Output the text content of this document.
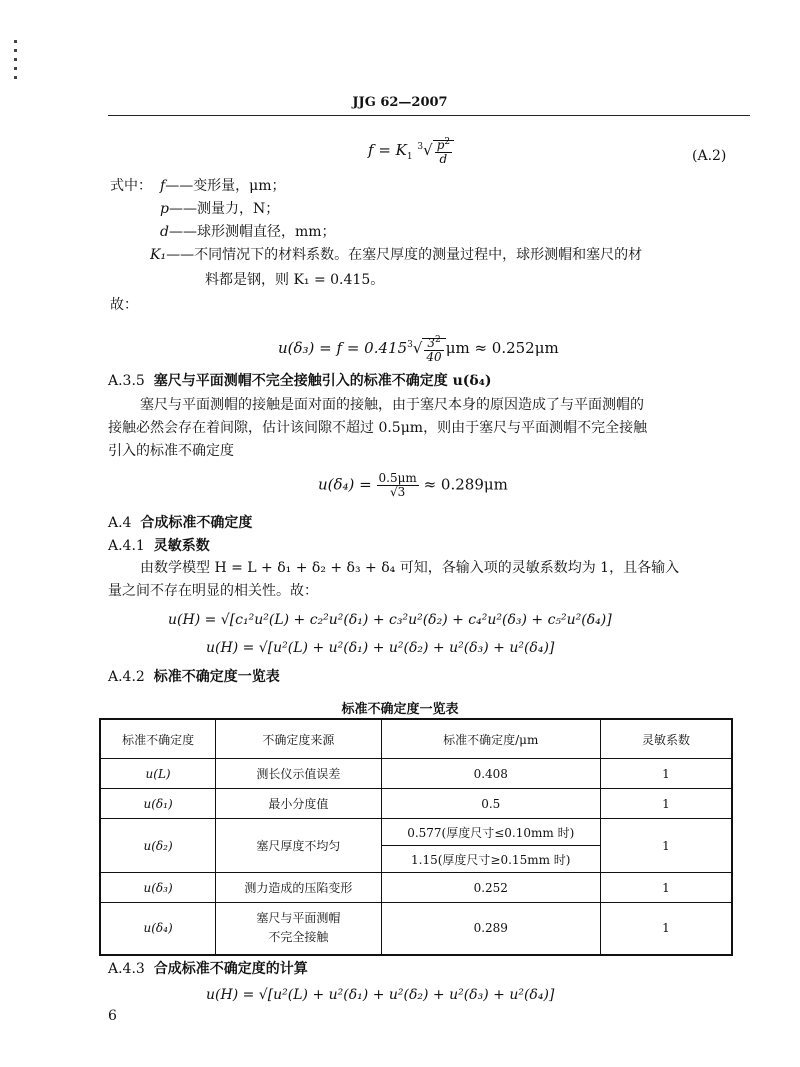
JJG 62—2007
$f = K_1$ $^3√ \frac{p^2}{d}$	(A.2)
式中： f——变形量，μm；
p——测量力，N；
d——球形测帽直径，mm；
K₁——不同情况下的材料系数。在塞尺厚度的测量过程中，球形测帽和塞尺的材
料都是钢，则 K₁ = 0.415。
故：
$u(\delta_3) = f = 0.415^3√ \frac{3^2}{40}$ μm ≈ 0.252μm
A.3.5 塞尺与平面测帽不完全接触引入的标准不确定度 u(δ₄)
塞尺与平面测帽的接触是面对面的接触，由于塞尺本身的原因造成了与平面测帽的
接触必然会存在着间隙，估计该间隙不超过 0.5μm，则由于塞尺与平面测帽不完全接触
引入的标准不确定度
$u(\delta_4) = \frac{0.5\mu m}{√3} \approx 0.289\mu m$
A.4 合成标准不确定度
A.4.1 灵敏系数
由数学模型 H = L + δ₁ + δ₂ + δ₃ + δ₄ 可知，各输入项的灵敏系数均为 1，且各输入
量之间不存在明显的相关性。故：
u(H) = √[c₁²u²(L) + c₂²u²(δ₁) + c₃²u²(δ₂) + c₄²u²(δ₃) + c₅²u²(δ₄)]
u(H) = √[u²(L) + u²(δ₁) + u²(δ₂) + u²(δ₃) + u²(δ₄)]
A.4.2 标准不确定度一览表
标准不确定度一览表
标准不确定度	不确定度来源	标准不确定度/μm	灵敏系数
u(L)	测长仪示值误差	0.408	1
u(δ₁)	最小分度值	0.5	1
u(δ₂)	塞尺厚度不均匀	0.577(厚度尺寸≤0.10mm 时)	1
		1.15(厚度尺寸≥0.15mm 时)	
u(δ₃)	测力造成的压陷变形	0.252	1
u(δ₄)	塞尺与平面测帽
不完全接触	0.289	1
A.4.3 合成标准不确定度的计算
u(H) = √[u²(L) + u²(δ₁) + u²(δ₂) + u²(δ₃) + u²(δ₄)]
6
